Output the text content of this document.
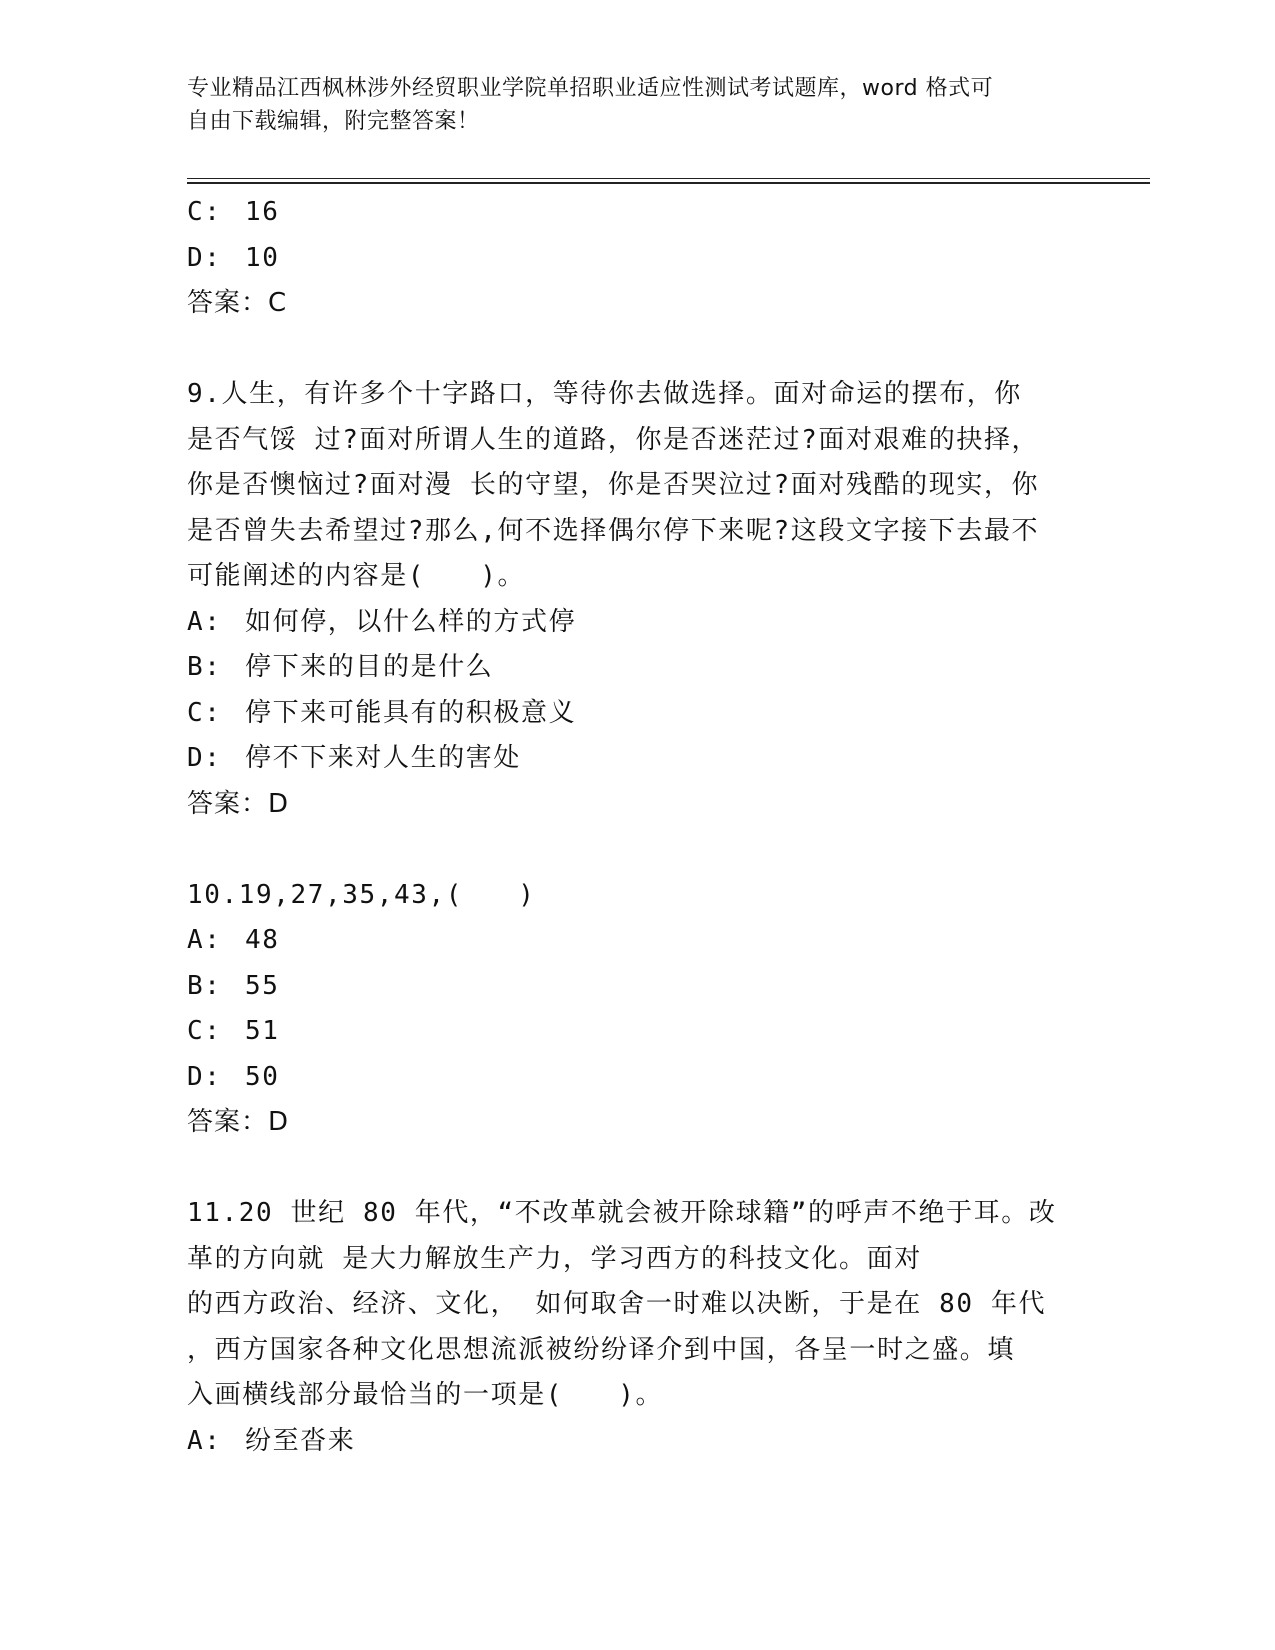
专业精品江西枫林涉外经贸职业学院单招职业适应性测试考试题库，word 格式可
自由下载编辑，附完整答案！
C: 16
D: 10
答案：C
9.人生，有许多个十字路口，等待你去做选择。面对命运的摆布，你
是否气馁 过?面对所谓人生的道路，你是否迷茫过?面对艰难的抉择，
你是否懊恼过?面对漫 长的守望，你是否哭泣过?面对残酷的现实，你
是否曾失去希望过?那么,何不选择偶尔停下来呢?这段文字接下去最不
可能阐述的内容是(　　)。
A: 如何停，以什么样的方式停
B: 停下来的目的是什么
C: 停下来可能具有的积极意义
D: 停不下来对人生的害处
答案：D
10.19,27,35,43,(　　)
A: 48
B: 55
C: 51
D: 50
答案：D
11.20 世纪 80 年代，“不改革就会被开除球籍”的呼声不绝于耳。改
革的方向就 是大力解放生产力，学习西方的科技文化。面对
的西方政治、经济、文化， 如何取舍一时难以决断，于是在 80 年代
，西方国家各种文化思想流派被纷纷译介到中国，各呈一时之盛。填
入画横线部分最恰当的一项是(　　)。
A: 纷至沓来
